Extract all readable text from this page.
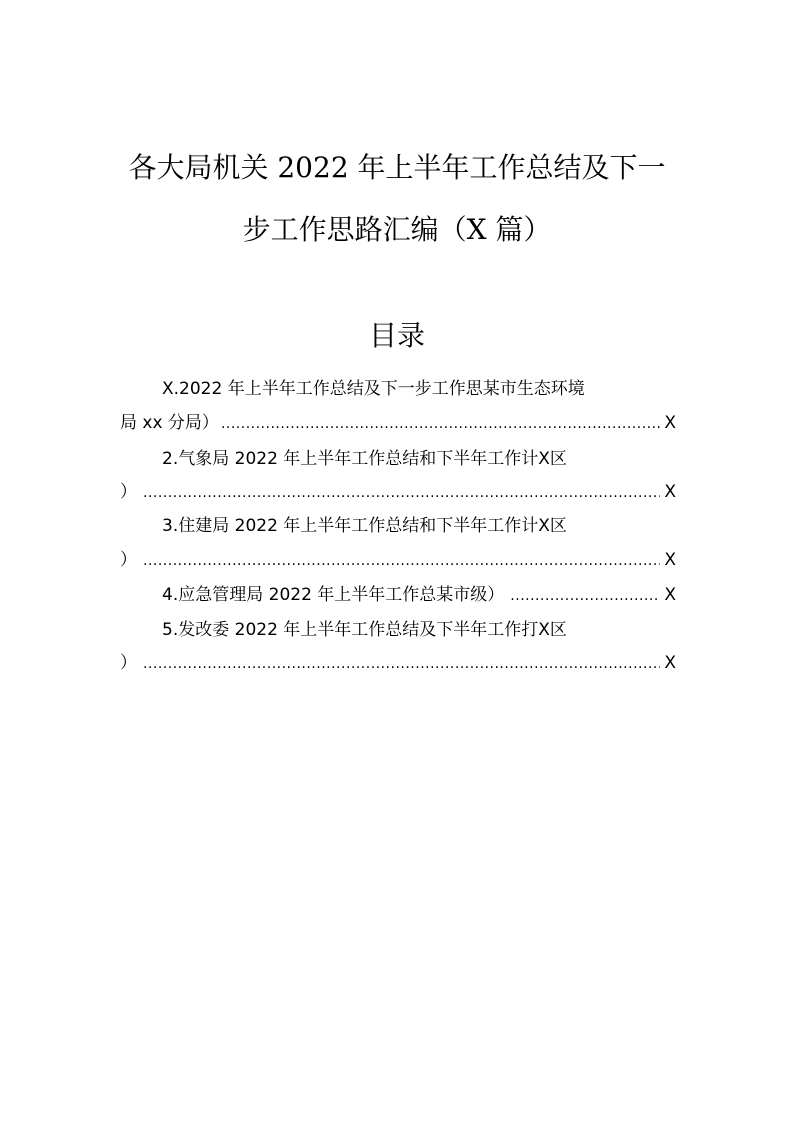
各大局机关 2022 年上半年工作总结及下一
步工作思路汇编（X 篇）
目录
X.2022 年上半年工作总结及下一步工作思某市生态环境
局 xx 分局） .....	X
2.气象局 2022 年上半年工作总结和下半年工作计X区
） .....	X
3.住建局 2022 年上半年工作总结和下半年工作计X区
） .....	X
4.应急管理局 2022 年上半年工作总某市级） .....	X
5.发改委 2022 年上半年工作总结及下半年工作打X区
） .....	X
